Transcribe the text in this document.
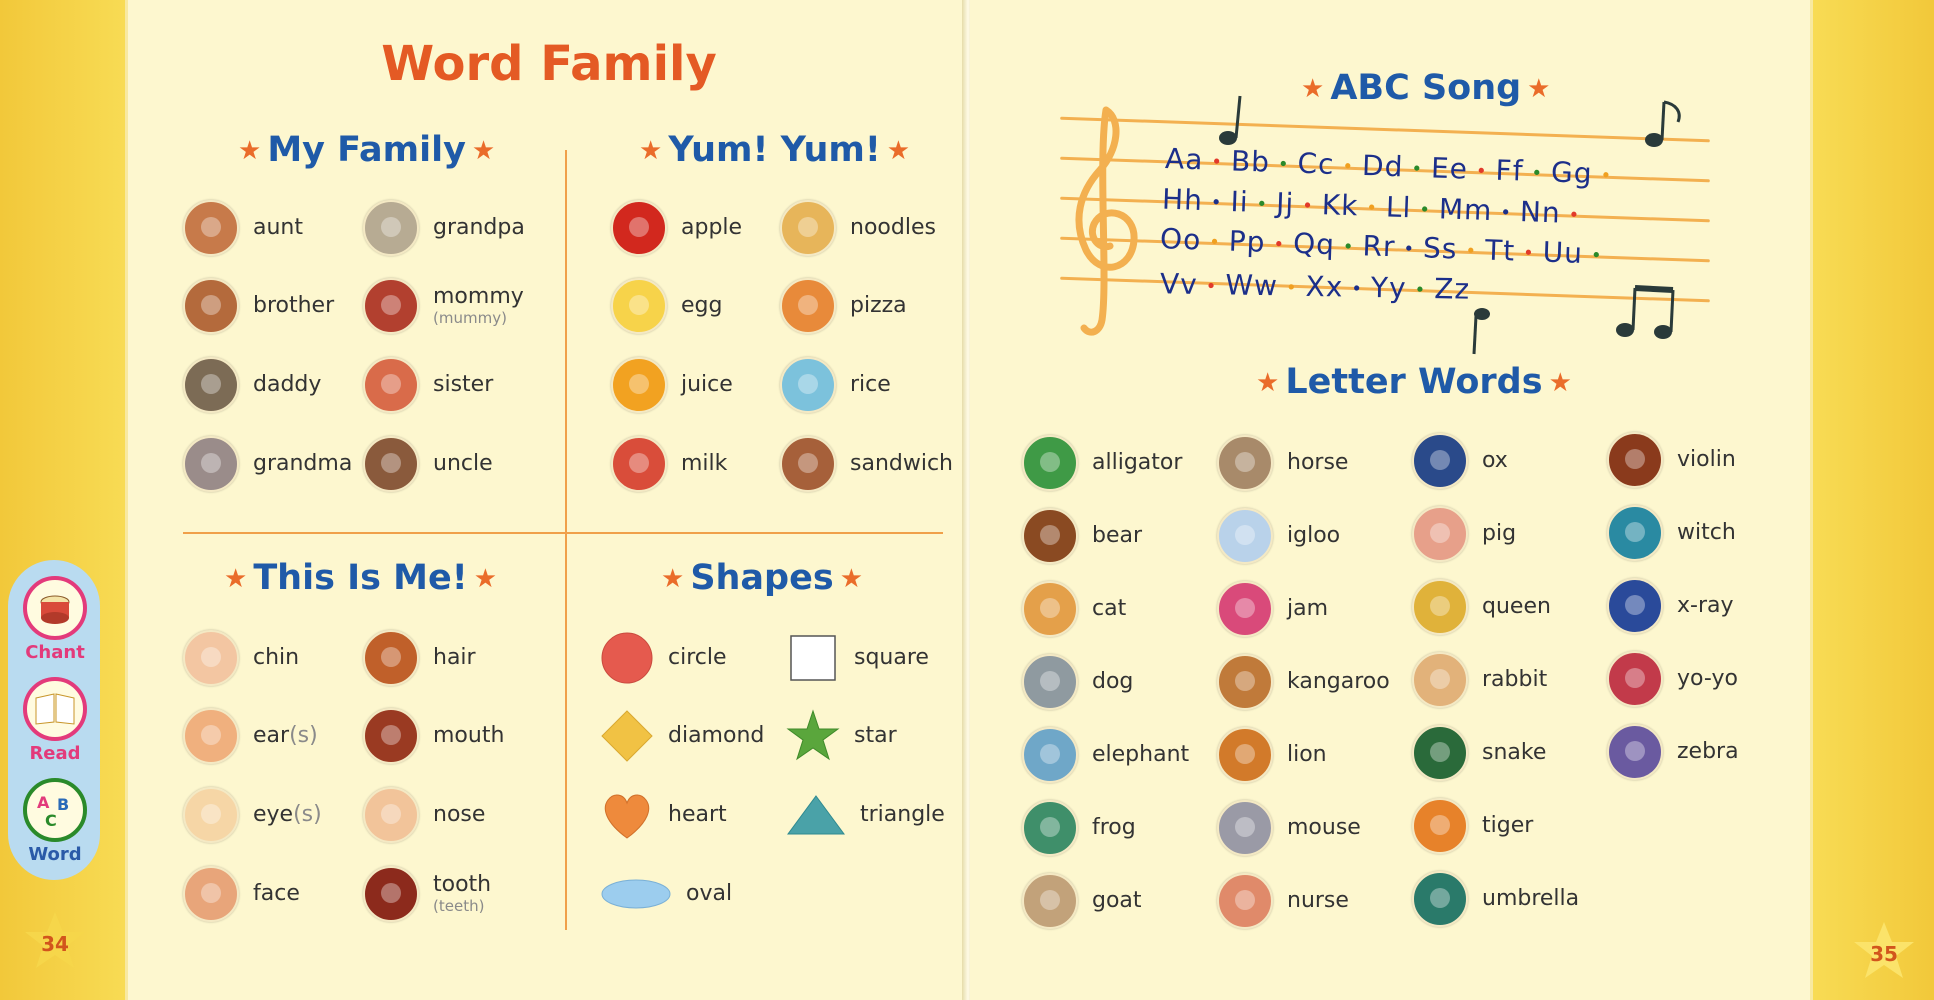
Word Family
★ My Family ★	★ Yum! Yum! ★
★ This Is Me! ★	★ Shapes ★
aunt
brother
daddy
grandma
grandpa
mommy
(mummy)
sister
uncle
apple
egg
juice
milk
noodles
pizza
rice
sandwich
chin
ear(s)
eye(s)
face
hair
mouth
nose
tooth
(teeth)
circle
diamond
heart
oval
square
star
triangle
34
Chant
Read
A B
C
Word
★ ABC Song ★
Aa • Bb • Cc • Dd • Ee • Ff • Gg •
Hh • Ii • Jj • Kk • Ll • Mm • Nn •
Oo • Pp • Qq • Rr • Ss • Tt • Uu •
Vv • Ww • Xx • Yy • Zz
★ Letter Words ★
alligator
bear
cat
dog
elephant
frog
goat
horse
igloo
jam
kangaroo
lion
mouse
nurse
ox
pig
queen
rabbit
snake
tiger
umbrella
violin
witch
x-ray
yo-yo
zebra
35
